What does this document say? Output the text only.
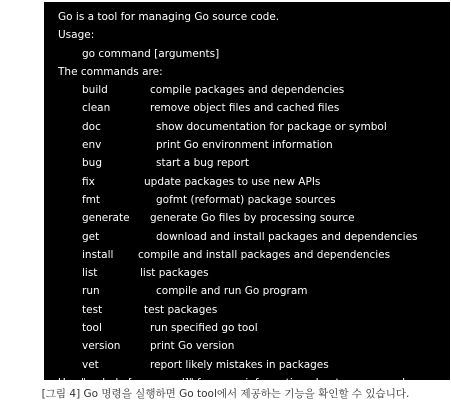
Go is a tool for managing Go source code.
Usage:
go command [arguments]
The commands are:
build	compile packages and dependencies
clean	remove object files and cached files
doc	show documentation for package or symbol
env	print Go environment information
bug	start a bug report
fix	update packages to use new APIs
fmt	gofmt (reformat) package sources
generate generate Go files by processing source
get	download and install packages and dependencies
install compile and install packages and dependencies
list	list packages
run	compile and run Go program
test	test packages
tool	run specified go tool
version	print Go version
vet	report likely mistakes in packages
Use "go help [command]" for more information about a command.
[그림 4] Go 명령을 실행하면 Go tool에서 제공하는 기능을 확인할 수 있습니다.
